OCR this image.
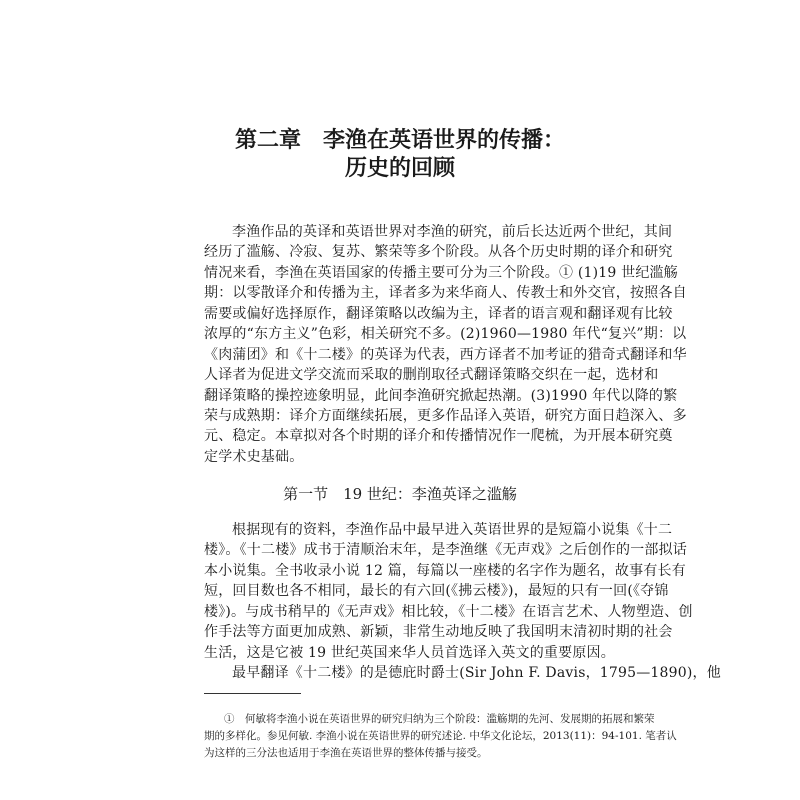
第二章　李渔在英语世界的传播：
历史的回顾
李渔作品的英译和英语世界对李渔的研究，前后长达近两个世纪，其间
经历了滥觞、冷寂、复苏、繁荣等多个阶段。从各个历史时期的译介和研究
情况来看，李渔在英语国家的传播主要可分为三个阶段。① (1)19 世纪滥觞
期：以零散译介和传播为主，译者多为来华商人、传教士和外交官，按照各自
需要或偏好选择原作，翻译策略以改编为主，译者的语言观和翻译观有比较
浓厚的“东方主义”色彩，相关研究不多。(2)1960—1980 年代“复兴”期：以
《肉蒲团》和《十二楼》的英译为代表，西方译者不加考证的猎奇式翻译和华
人译者为促进文学交流而采取的删削取径式翻译策略交织在一起，选材和
翻译策略的操控迹象明显，此间李渔研究掀起热潮。(3)1990 年代以降的繁
荣与成熟期：译介方面继续拓展，更多作品译入英语，研究方面日趋深入、多
元、稳定。本章拟对各个时期的译介和传播情况作一爬梳，为开展本研究奠
定学术史基础。
第一节　19 世纪：李渔英译之滥觞
根据现有的资料，李渔作品中最早进入英语世界的是短篇小说集《十二
楼》。《十二楼》成书于清顺治末年，是李渔继《无声戏》之后创作的一部拟话
本小说集。全书收录小说 12 篇，每篇以一座楼的名字作为题名，故事有长有
短，回目数也各不相同，最长的有六回(《拂云楼》)，最短的只有一回(《夺锦
楼》)。与成书稍早的《无声戏》相比较，《十二楼》在语言艺术、人物塑造、创
作手法等方面更加成熟、新颖，非常生动地反映了我国明末清初时期的社会
生活，这是它被 19 世纪英国来华人员首选译入英文的重要原因。
最早翻译《十二楼》的是德庇时爵士(Sir John F. Davis，1795—1890)，他
①　何敏将李渔小说在英语世界的研究归纳为三个阶段：滥觞期的先河、发展期的拓展和繁荣
期的多样化。参见何敏. 李渔小说在英语世界的研究述论. 中华文化论坛，2013(11)：94-101. 笔者认
为这样的三分法也适用于李渔在英语世界的整体传播与接受。
